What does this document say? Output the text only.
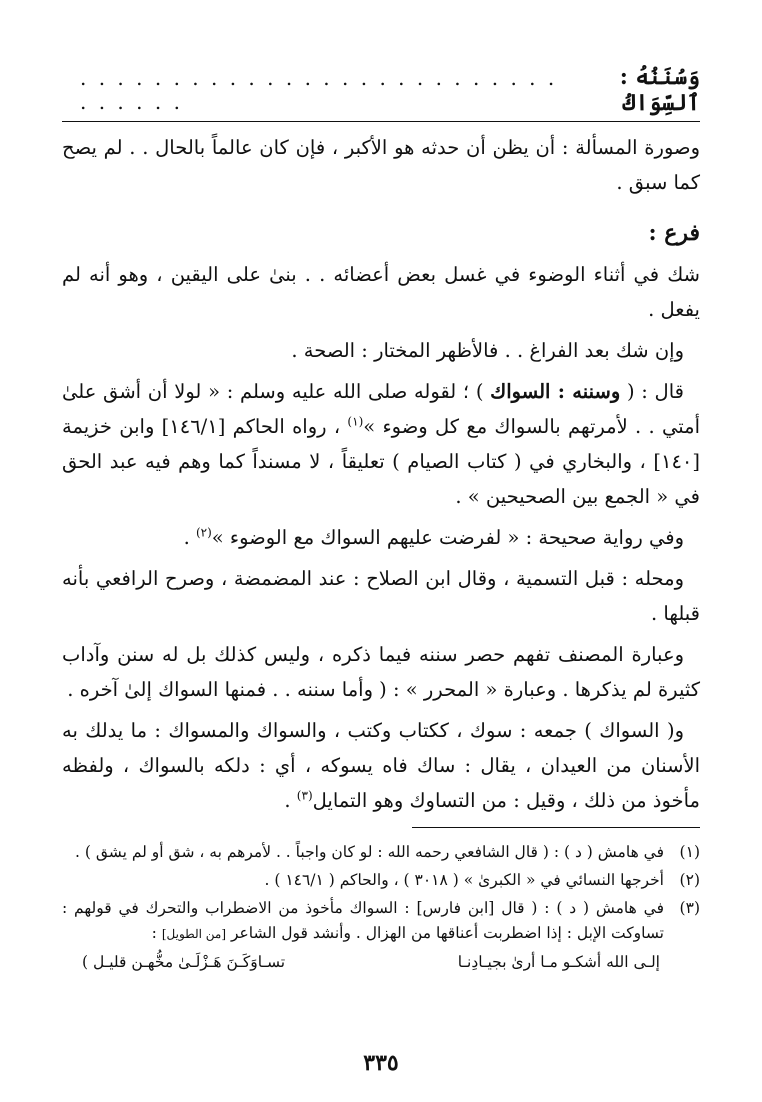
وَسُنَنُهُ : ٱلسِّوَاكُ
. . . . . . . . . . . . . . . . . . . . . . . . . . . . . . . .

وصورة المسألة : أن يظن أن حدثه هو الأكبر ، فإن كان عالماً بالحال . . لم يصح كما سبق .

فرع :

شك في أثناء الوضوء في غسل بعض أعضائه . . بنىٰ على اليقين ، وهو أنه لم يفعل .

وإن شك بعد الفراغ . . فالأظهر المختار : الصحة .

قال : ( وسننه : السواك ) ؛ لقوله صلى الله عليه وسلم : « لولا أن أشق علىٰ أمتي . . لأمرتهم بالسواك مع كل وضوء »$^{(١)}$ ، رواه الحاكم [١٤٦/١] وابن خزيمة [١٤٠] ، والبخاري في ( كتاب الصيام ) تعليقاً ، لا مسنداً كما وهم فيه عبد الحق في « الجمع بين الصحيحين » .

وفي رواية صحيحة : « لفرضت عليهم السواك مع الوضوء »$^{(٢)}$ .

ومحله : قبل التسمية ، وقال ابن الصلاح : عند المضمضة ، وصرح الرافعي بأنه قبلها .

وعبارة المصنف تفهم حصر سننه فيما ذكره ، وليس كذلك بل له سنن وآداب كثيرة لم يذكرها . وعبارة « المحرر » : ( وأما سننه . . فمنها السواك إلىٰ آخره .

و( السواك ) جمعه : سوك ، ككتاب وكتب ، والسواك والمسواك : ما يدلك به الأسنان من العيدان ، يقال : ساك فاه يسوكه ، أي : دلكه بالسواك ، ولفظه مأخوذ من ذلك ، وقيل : من التساوك وهو التمايل$^{(٣)}$ .

(١)
في هامش ( د ) : ( قال الشافعي رحمه الله : لو كان واجباً . . لأمرهم به ، شق أو لم يشق ) .
(٢)
أخرجها النسائي في « الكبرىٰ » ( ٣٠١٨ ) ، والحاكم ( ١٤٦/١ ) .
(٣)
في هامش ( د ) : ( قال [ابن فارس] : السواك مأخوذ من الاضطراب والتحرك في قولهم : تساوكت الإبل : إذا اضطربت أعناقها من الهزال . وأنشد قول الشاعر [من الطويل] :
إلـى الله أشكـو مـا أرىٰ بجيـادِنـا
تسـاوَكَـنَ هَـزْلَـىٰ مخُّهـن قليـل )
٣٣٥
